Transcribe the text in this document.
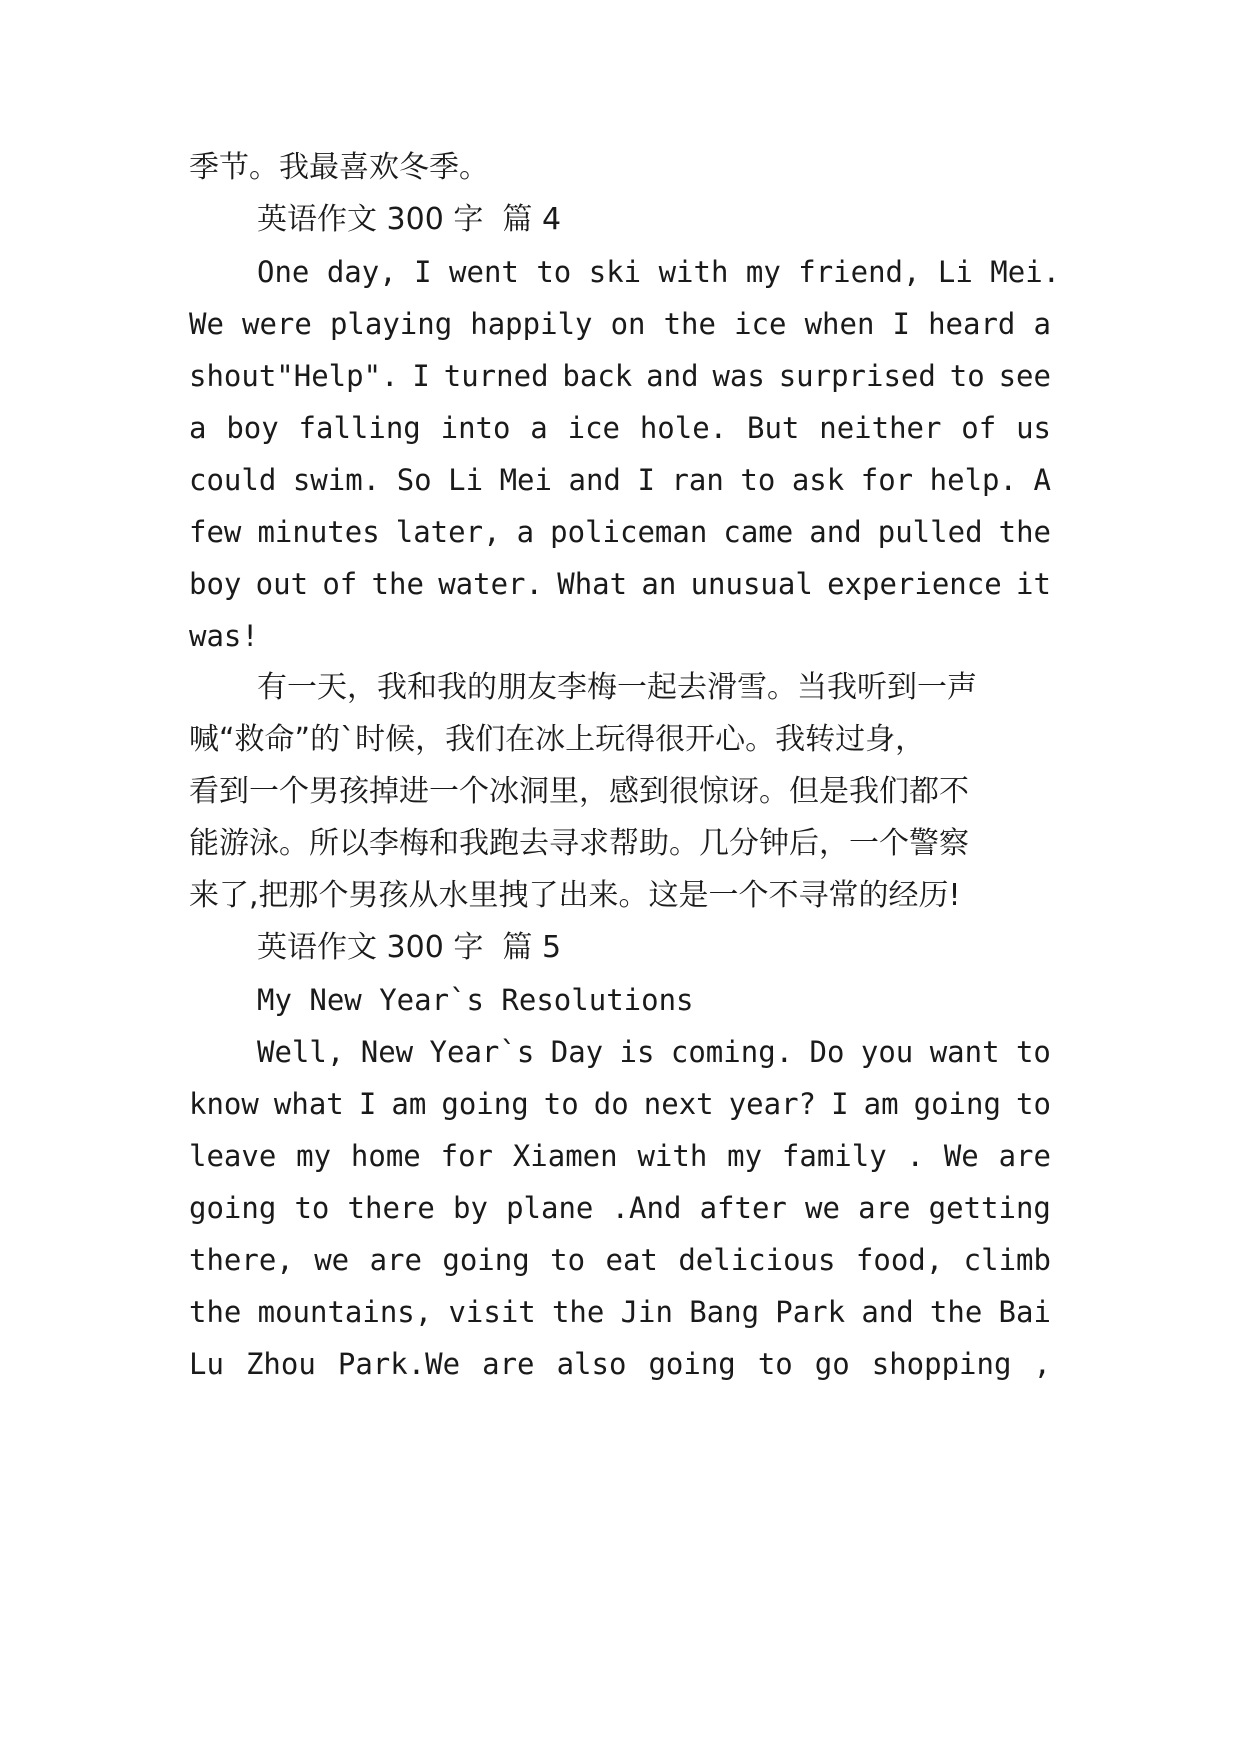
季节。我最喜欢冬季。
英语作文 300 字  篇 4
One day, I went to ski with my friend, Li Mei.
We were playing happily on the ice when I heard a
shout"Help". I turned back and was surprised to see
a boy falling into a ice hole. But neither of us
could swim. So Li Mei and I ran to ask for help. A
few minutes later, a policeman came and pulled the
boy out of the water. What an unusual experience it
was!
有一天，我和我的朋友李梅一起去滑雪。当我听到一声
喊“救命”的`时候，我们在冰上玩得很开心。我转过身，
看到一个男孩掉进一个冰洞里，感到很惊讶。但是我们都不
能游泳。所以李梅和我跑去寻求帮助。几分钟后，一个警察
来了,把那个男孩从水里拽了出来。这是一个不寻常的经历!
英语作文 300 字  篇 5
My New Year`s Resolutions
Well, New Year`s Day is coming. Do you want to
know what I am going to do next year? I am going to
leave my home for Xiamen with my family . We are
going to there by plane .And after we are getting
there, we are going to eat delicious food, climb
the mountains, visit the Jin Bang Park and the Bai
Lu Zhou Park.We are also going to go shopping ,
